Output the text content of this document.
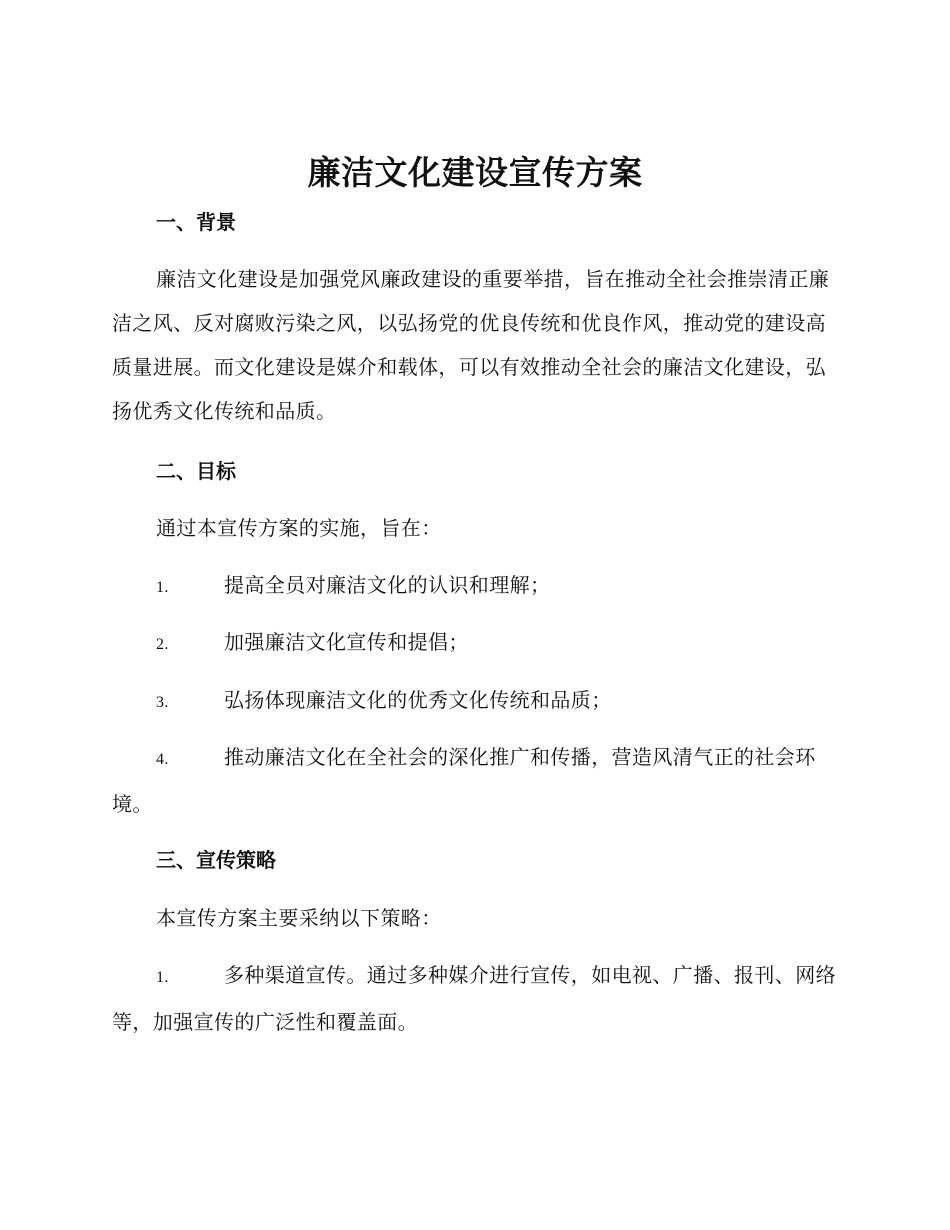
廉洁文化建设宣传方案
一、背景
廉洁文化建设是加强党风廉政建设的重要举措，旨在推动全社会推崇清正廉洁之风、反对腐败污染之风，以弘扬党的优良传统和优良作风，推动党的建设高质量进展。而文化建设是媒介和载体，可以有效推动全社会的廉洁文化建设，弘扬优秀文化传统和品质。
二、目标
通过本宣传方案的实施，旨在：
1.	提高全员对廉洁文化的认识和理解；
2.	加强廉洁文化宣传和提倡；
3.	弘扬体现廉洁文化的优秀文化传统和品质；
4.	推动廉洁文化在全社会的深化推广和传播，营造风清气正的社会环境。
三、宣传策略
本宣传方案主要采纳以下策略：
1.	多种渠道宣传。通过多种媒介进行宣传，如电视、广播、报刊、网络等，加强宣传的广泛性和覆盖面。
